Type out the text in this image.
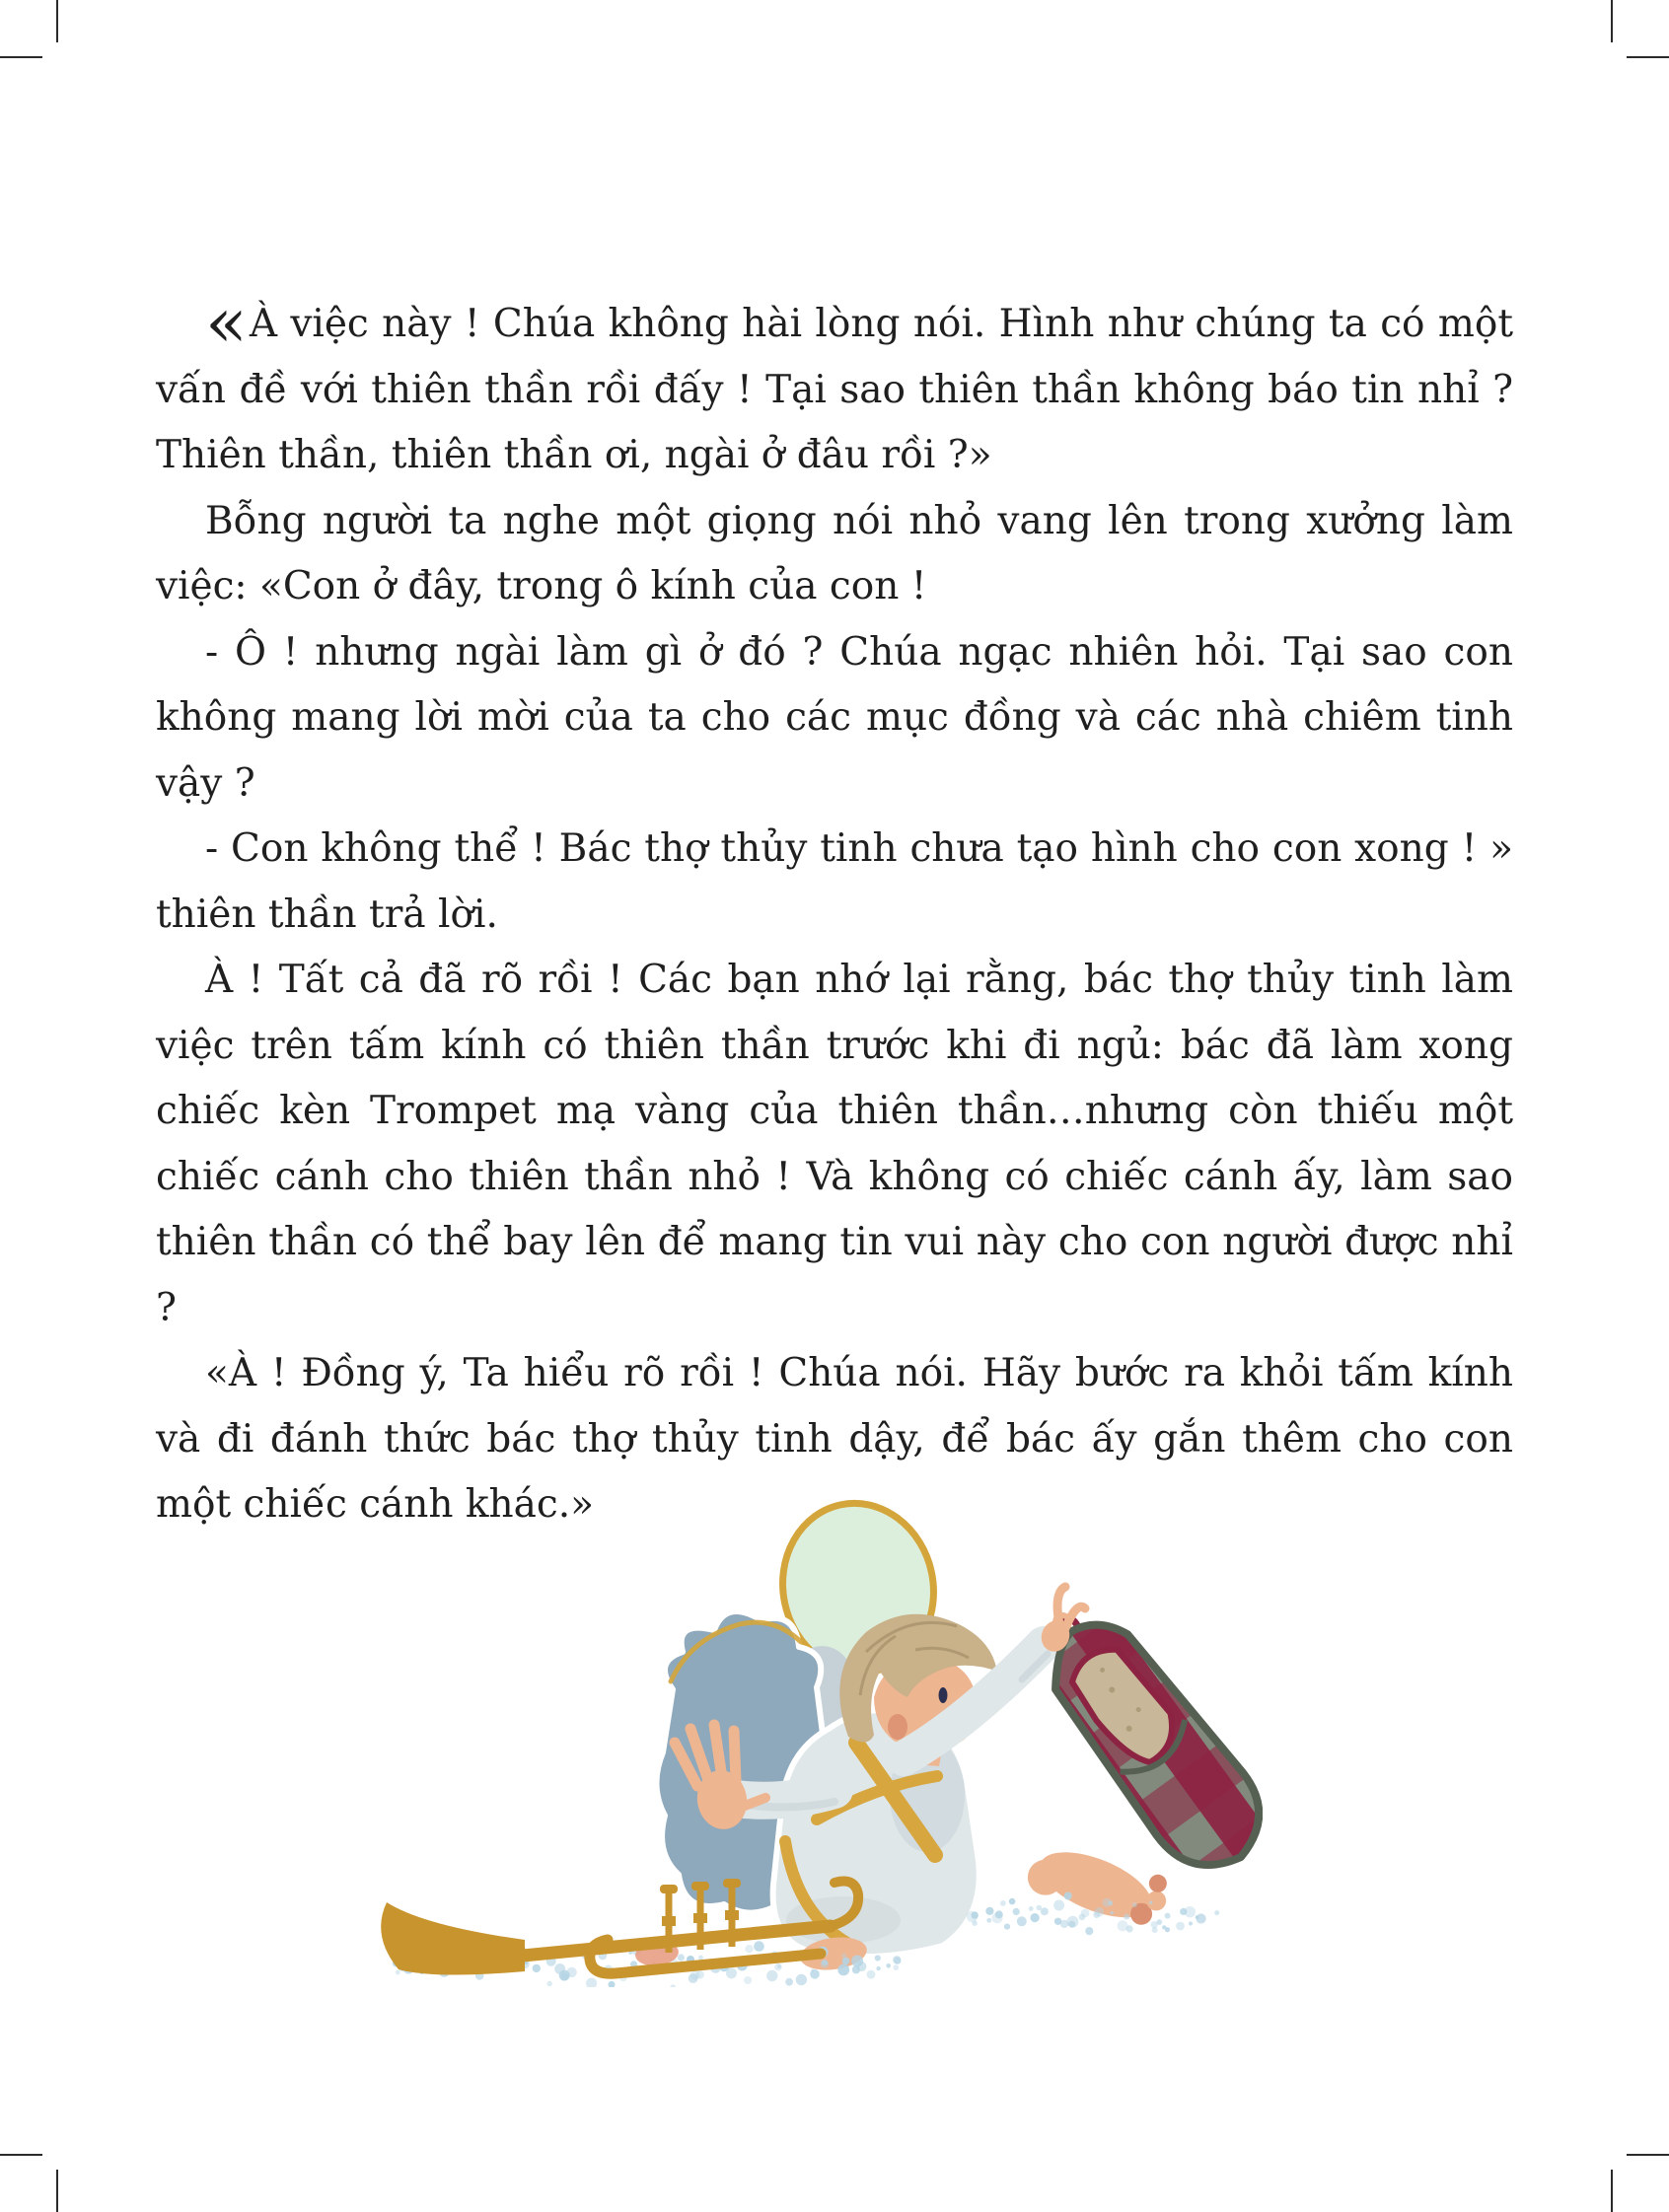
«À việc này ! Chúa không hài lòng nói. Hình như chúng ta có một vấn đề với thiên thần rồi đấy ! Tại sao thiên thần không báo tin nhỉ ? Thiên thần, thiên thần ơi, ngài ở đâu rồi ?»

Bỗng người ta nghe một giọng nói nhỏ vang lên trong xưởng làm việc: «Con ở đây, trong ô kính của con !

- Ô ! nhưng ngài làm gì ở đó ? Chúa ngạc nhiên hỏi. Tại sao con không mang lời mời của ta cho các mục đồng và các nhà chiêm tinh vậy ?

- Con không thể ! Bác thợ thủy tinh chưa tạo hình cho con xong ! » thiên thần trả lời.

À ! Tất cả đã rõ rồi ! Các bạn nhớ lại rằng, bác thợ thủy tinh làm việc trên tấm kính có thiên thần trước khi đi ngủ: bác đã làm xong chiếc kèn Trompet mạ vàng của thiên thần…nhưng còn thiếu một chiếc cánh cho thiên thần nhỏ ! Và không có chiếc cánh ấy, làm sao thiên thần có thể bay lên để mang tin vui này cho con người được nhỉ ?

«À ! Đồng ý, Ta hiểu rõ rồi ! Chúa nói. Hãy bước ra khỏi tấm kính và đi đánh thức bác thợ thủy tinh dậy, để bác ấy gắn thêm cho con một chiếc cánh khác.»
